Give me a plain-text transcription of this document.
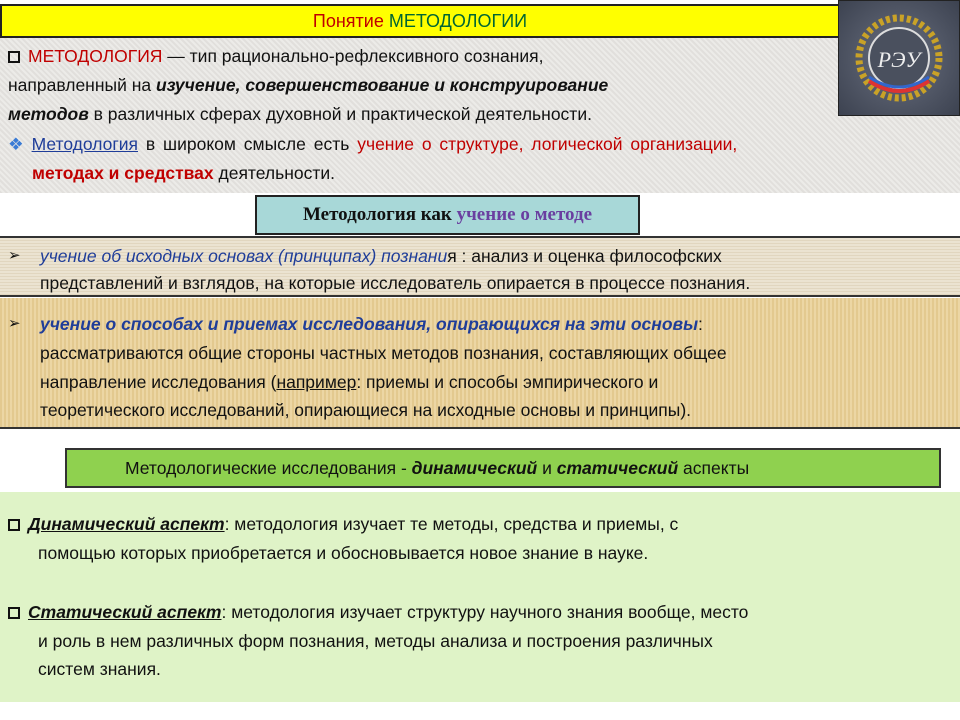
Понятие МЕТОДОЛОГИИ
МЕТОДОЛОГИЯ — тип рационально-рефлексивного сознания,
направленный на изучение, совершенствование и конструирование
методов в различных сферах духовной и практической деятельности.
❖ Методология в широком смысле есть учение о структуре, логической организации,
методах и средствах деятельности.
РЭУ
Методология как учение о методе
➢ учение об исходных основах (принципах) познания : анализ и оценка философских
представлений и взглядов, на которые исследователь опирается в процессе познания.
➢ учение о способах и приемах исследования, опирающихся на эти основы:
рассматриваются общие стороны частных методов познания, составляющих общее
направление исследования (например: приемы и способы эмпирического и
теоретического исследований, опирающиеся на исходные основы и принципы).
Методологические исследования - динамический и статический аспекты
Динамический аспект: методология изучает те методы, средства и приемы, с
помощью которых приобретается и обосновывается новое знание в науке.
Статический аспект: методология изучает структуру научного знания вообще, место
и роль в нем различных форм познания, методы анализа и построения различных
систем знания.
